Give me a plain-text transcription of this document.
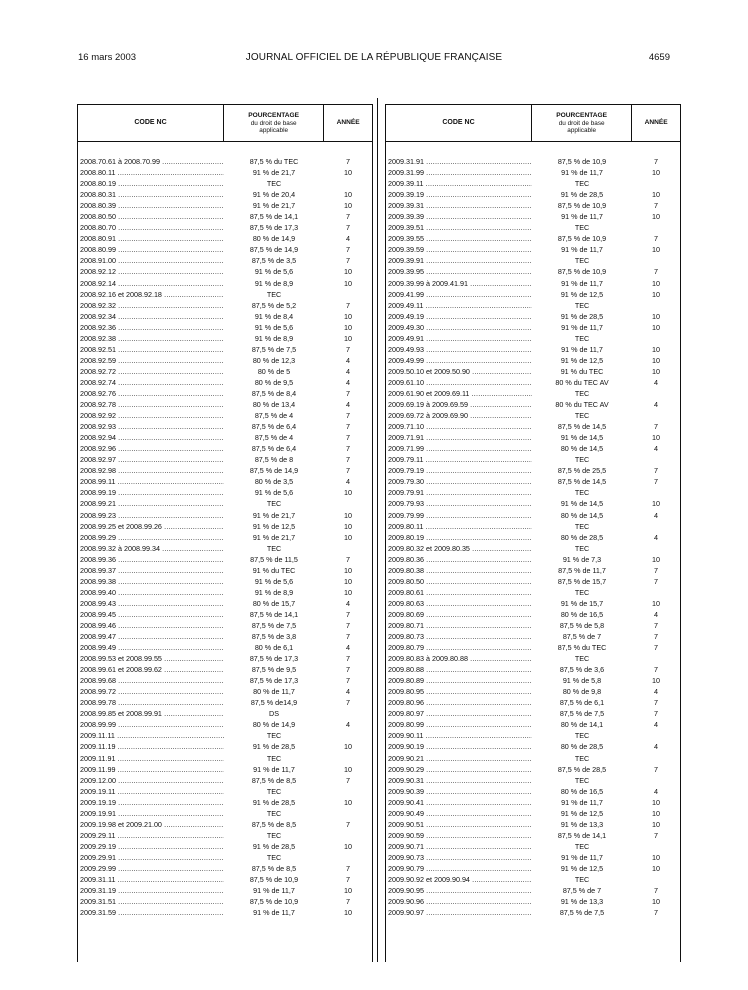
16 mars 2003	JOURNAL OFFICIEL DE LA RÉPUBLIQUE FRANÇAISE	4659
CODE NC
POURCENTAGE
du droit de base
applicable
ANNÉE
2008.70.61 à 2008.70.99 .....	87,5 % du TEC	7
2008.80.11 .....	91 % de 21,7	10
2008.80.19 .....	TEC
2008.80.31 .....	91 % de 20,4	10
2008.80.39 .....	91 % de 21,7	10
2008.80.50 .....	87,5 % de 14,1	7
2008.80.70 .....	87,5 % de 17,3	7
2008.80.91 .....	80 % de 14,9	4
2008.80.99 .....	87,5 % de 14,9	7
2008.91.00 .....	87,5 % de 3,5	7
2008.92.12 .....	91 % de 5,6	10
2008.92.14 .....	91 % de 8,9	10
2008.92.16 et 2008.92.18 .....	TEC
2008.92.32 .....	87,5 % de 5,2	7
2008.92.34 .....	91 % de 8,4	10
2008.92.36 .....	91 % de 5,6	10
2008.92.38 .....	91 % de 8,9	10
2008.92.51 .....	87,5 % de 7,5	7
2008.92.59 .....	80 % de 12,3	4
2008.92.72 .....	80 % de 5	4
2008.92.74 .....	80 % de 9,5	4
2008.92.76 .....	87,5 % de 8,4	7
2008.92.78 .....	80 % de 13,4	4
2008.92.92 .....	87,5 % de 4	7
2008.92.93 .....	87,5 % de 6,4	7
2008.92.94 .....	87,5 % de 4	7
2008.92.96 .....	87,5 % de 6,4	7
2008.92.97 .....	87,5 % de 8	7
2008.92.98 .....	87,5 % de 14,9	7
2008.99.11 .....	80 % de 3,5	4
2008.99.19 .....	91 % de 5,6	10
2008.99.21 .....	TEC
2008.99.23 .....	91 % de 21,7	10
2008.99.25 et 2008.99.26 .....	91 % de 12,5	10
2008.99.29 .....	91 % de 21,7	10
2008.99.32 à 2008.99.34 .....	TEC
2008.99.36 .....	87,5 % de 11,5	7
2008.99.37 .....	91 % du TEC	10
2008.99.38 .....	91 % de 5,6	10
2008.99.40 .....	91 % de 8,9	10
2008.99.43 .....	80 % de 15,7	4
2008.99.45 .....	87,5 % de 14,1	7
2008.99.46 .....	87,5 % de 7,5	7
2008.99.47 .....	87,5 % de 3,8	7
2008.99.49 .....	80 % de 6,1	4
2008.99.53 et 2008.99.55 .....	87,5 % de 17,3	7
2008.99.61 et 2008.99.62 .....	87,5 % de 9,5	7
2008.99.68 .....	87,5 % de 17,3	7
2008.99.72 .....	80 % de 11,7	4
2008.99.78 .....	87,5 % de14,9	7
2008.99.85 et 2008.99.91 .....	DS
2008.99.99 .....	80 % de 14,9	4
2009.11.11 .....	TEC
2009.11.19 .....	91 % de 28,5	10
2009.11.91 .....	TEC
2009.11.99 .....	91 % de 11,7	10
2009.12.00 .....	87,5 % de 8,5	7
2009.19.11 .....	TEC
2009.19.19 .....	91 % de 28,5	10
2009.19.91 .....	TEC
2009.19.98 et 2009.21.00 .....	87,5 % de 8,5	7
2009.29.11 .....	TEC
2009.29.19 .....	91 % de 28,5	10
2009.29.91 .....	TEC
2009.29.99 .....	87,5 % de 8,5	7
2009.31.11 .....	87,5 % de 10,9	7
2009.31.19 .....	91 % de 11,7	10
2009.31.51 .....	87,5 % de 10,9	7
2009.31.59 .....	91 % de 11,7	10
CODE NC
POURCENTAGE
du droit de base
applicable
ANNÉE
2009.31.91 .....	87,5 % de 10,9	7
2009.31.99 .....	91 % de 11,7	10
2009.39.11 .....	TEC
2009.39.19 .....	91 % de 28,5	10
2009.39.31 .....	87,5 % de 10,9	7
2009.39.39 .....	91 % de 11,7	10
2009.39.51 .....	TEC
2009.39.55 .....	87,5 % de 10,9	7
2009.39.59 .....	91 % de 11,7	10
2009.39.91 .....	TEC
2009.39.95 .....	87,5 % de 10,9	7
2009.39.99 à 2009.41.91 .....	91 % de 11,7	10
2009.41.99 .....	91 % de 12,5	10
2009.49.11 .....	TEC
2009.49.19 .....	91 % de 28,5	10
2009.49.30 .....	91 % de 11,7	10
2009.49.91 .....	TEC
2009.49.93 .....	91 % de 11,7	10
2009.49.99 .....	91 % de 12,5	10
2009.50.10 et 2009.50.90 .....	91 % du TEC	10
2009.61.10 .....	80 % du TEC AV	4
2009.61.90 et 2009.69.11 .....	TEC
2009.69.19 à 2009.69.59 .....	80 % du TEC AV	4
2009.69.72 à 2009.69.90 .....	TEC
2009.71.10 .....	87,5 % de 14,5	7
2009.71.91 .....	91 % de 14,5	10
2009.71.99 .....	80 % de 14,5	4
2009.79.11 .....	TEC
2009.79.19 .....	87,5 % de 25,5	7
2009.79.30 .....	87,5 % de 14,5	7
2009.79.91 .....	TEC
2009.79.93 .....	91 % de 14,5	10
2009.79.99 .....	80 % de 14,5	4
2009.80.11 .....	TEC
2009.80.19 .....	80 % de 28,5	4
2009.80.32 et 2009.80.35 .....	TEC
2009.80.36 .....	91 % de 7,3	10
2009.80.38 .....	87,5 % de 11,7	7
2009.80.50 .....	87,5 % de 15,7	7
2009.80.61 .....	TEC
2009.80.63 .....	91 % de 15,7	10
2009.80.69 .....	80 % de 16,5	4
2009.80.71 .....	87,5 % de 5,8	7
2009.80.73 .....	87,5 % de 7	7
2009.80.79 .....	87,5 % du TEC	7
2009.80.83 à 2009.80.88 .....	TEC
2009.80.88 .....	87,5 % de 3,6	7
2009.80.89 .....	91 % de 5,8	10
2009.80.95 .....	80 % de 9,8	4
2009.80.96 .....	87,5 % de 6,1	7
2009.80.97 .....	87,5 % de 7,5	7
2009.80.99 .....	80 % de 14,1	4
2009.90.11 .....	TEC
2009.90.19 .....	80 % de 28,5	4
2009.90.21 .....	TEC
2009.90.29 .....	87,5 % de 28,5	7
2009.90.31 .....	TEC
2009.90.39 .....	80 % de 16,5	4
2009.90.41 .....	91 % de 11,7	10
2009.90.49 .....	91 % de 12,5	10
2009.90.51 .....	91 % de 13,3	10
2009.90.59 .....	87,5 % de 14,1	7
2009.90.71 .....	TEC
2009.90.73 .....	91 % de 11,7	10
2009.90.79 .....	91 % de 12,5	10
2009.90.92 et 2009.90.94 .....	TEC
2009.90.95 .....	87,5 % de 7	7
2009.90.96 .....	91 % de 13,3	10
2009.90.97 .....	87,5 % de 7,5	7
